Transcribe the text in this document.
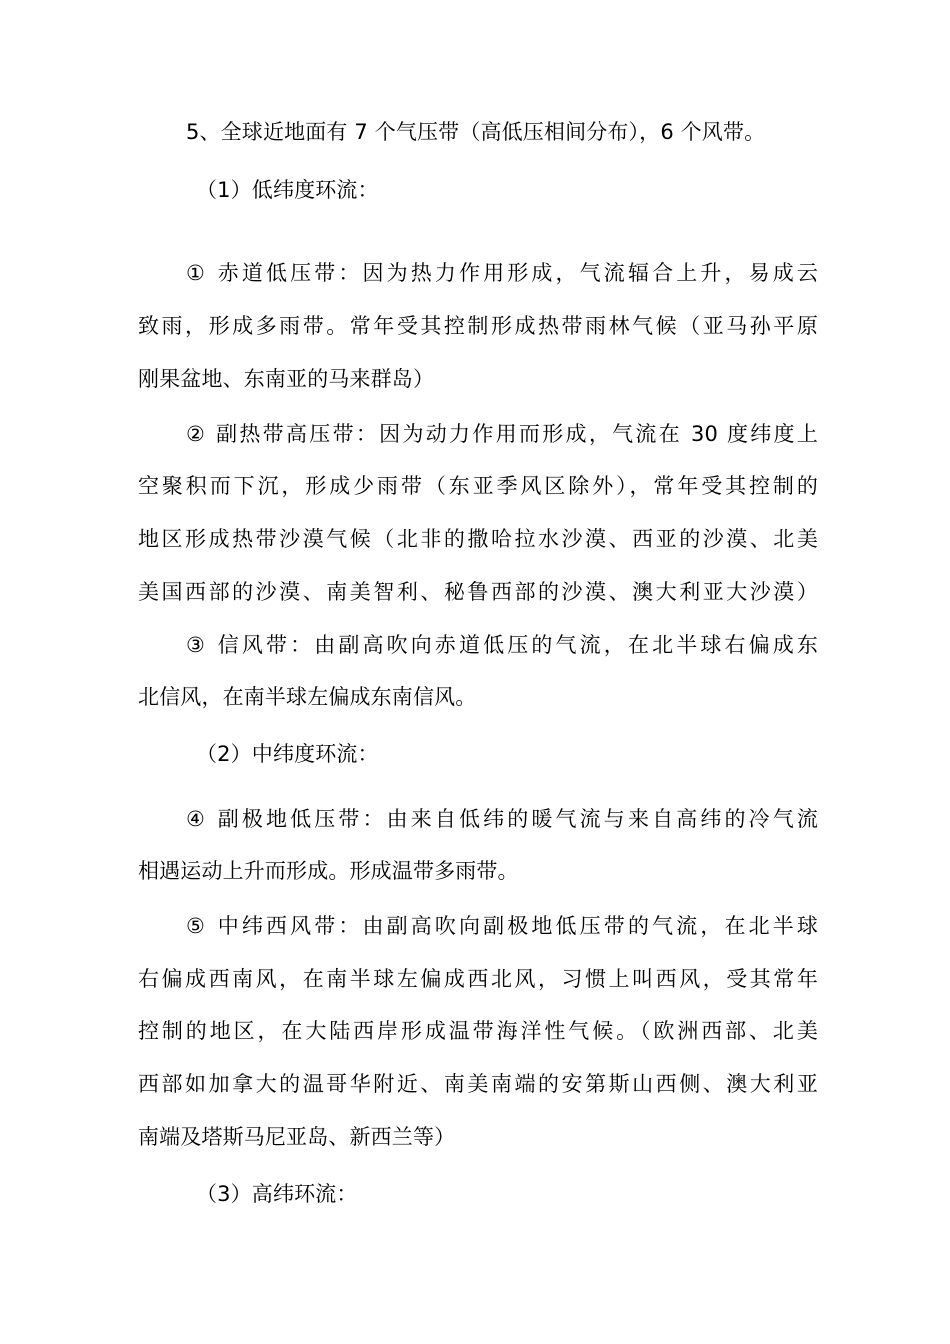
5、全球近地面有 7 个气压带（高低压相间分布），6 个风带。
（1）低纬度环流：
① 赤道低压带：因为热力作用形成，气流辐合上升，易成云
致雨，形成多雨带。常年受其控制形成热带雨林气候（亚马孙平原
刚果盆地、东南亚的马来群岛）
② 副热带高压带：因为动力作用而形成，气流在 30 度纬度上
空聚积而下沉，形成少雨带（东亚季风区除外），常年受其控制的
地区形成热带沙漠气候（北非的撒哈拉水沙漠、西亚的沙漠、北美
美国西部的沙漠、南美智利、秘鲁西部的沙漠、澳大利亚大沙漠）
③ 信风带：由副高吹向赤道低压的气流，在北半球右偏成东
北信风，在南半球左偏成东南信风。
（2）中纬度环流：
④ 副极地低压带：由来自低纬的暖气流与来自高纬的冷气流
相遇运动上升而形成。形成温带多雨带。
⑤ 中纬西风带：由副高吹向副极地低压带的气流，在北半球
右偏成西南风，在南半球左偏成西北风，习惯上叫西风，受其常年
控制的地区，在大陆西岸形成温带海洋性气候。（欧洲西部、北美
西部如加拿大的温哥华附近、南美南端的安第斯山西侧、澳大利亚
南端及塔斯马尼亚岛、新西兰等）
（3）高纬环流：
